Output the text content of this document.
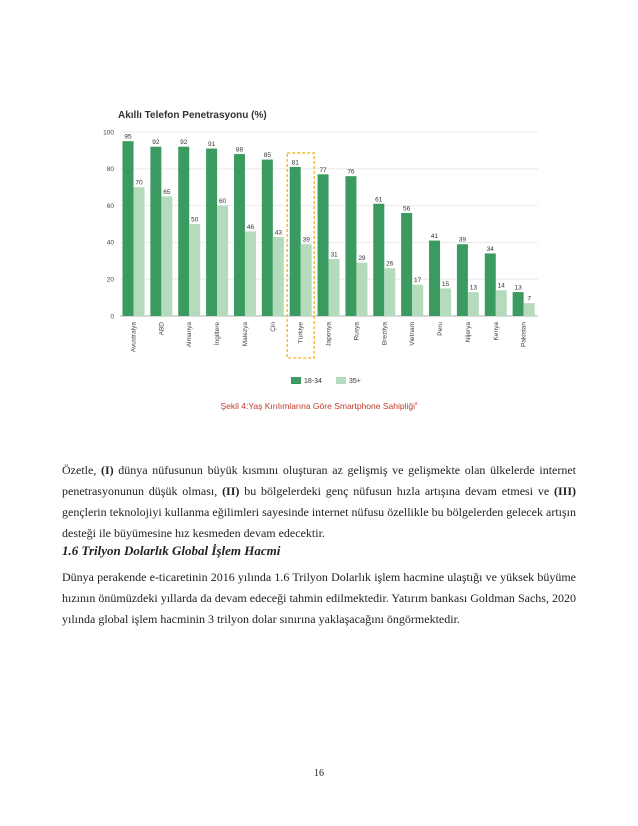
Akıllı Telefon Penetrasyonu (%)
0
20
40
60
80
100
95
70
Avustralya
92
65
ABD
92
50
Almanya
91
60
İngiltere
88
46
Malezya
85
43
Çin
81
39
Türkiye
77
31
Japonya
76
29
Rusya
61
26
Brezilya
56
17
Vietnam
41
15
Peru
39
13
Nijerya
34
14
Kenya
13
7
Pakistan
18-34	35+
Şekil 4:Yaş Kırılımlarına Göre Smartphone Sahipliği$^x$

Özetle, (I) dünya nüfusunun büyük kısmını oluşturan az gelişmiş ve gelişmekte olan ülkelerde internet penetrasyonunun düşük olması, (II) bu bölgelerdeki genç nüfusun hızla artışına devam etmesi ve (III) gençlerin teknolojiyi kullanma eğilimleri sayesinde internet nüfusu özellikle bu bölgelerden gelecek artışın desteği ile büyümesine hız kesmeden devam edecektir.

1.6 Trilyon Dolarlık Global İşlem Hacmi

Dünya perakende e-ticaretinin 2016 yılında 1.6 Trilyon Dolarlık işlem hacmine ulaştığı ve yüksek büyüme hızının önümüzdeki yıllarda da devam edeceği tahmin edilmektedir. Yatırım bankası Goldman Sachs, 2020 yılında global işlem hacminin 3 trilyon dolar sınırına yaklaşacağını öngörmektedir.

16
